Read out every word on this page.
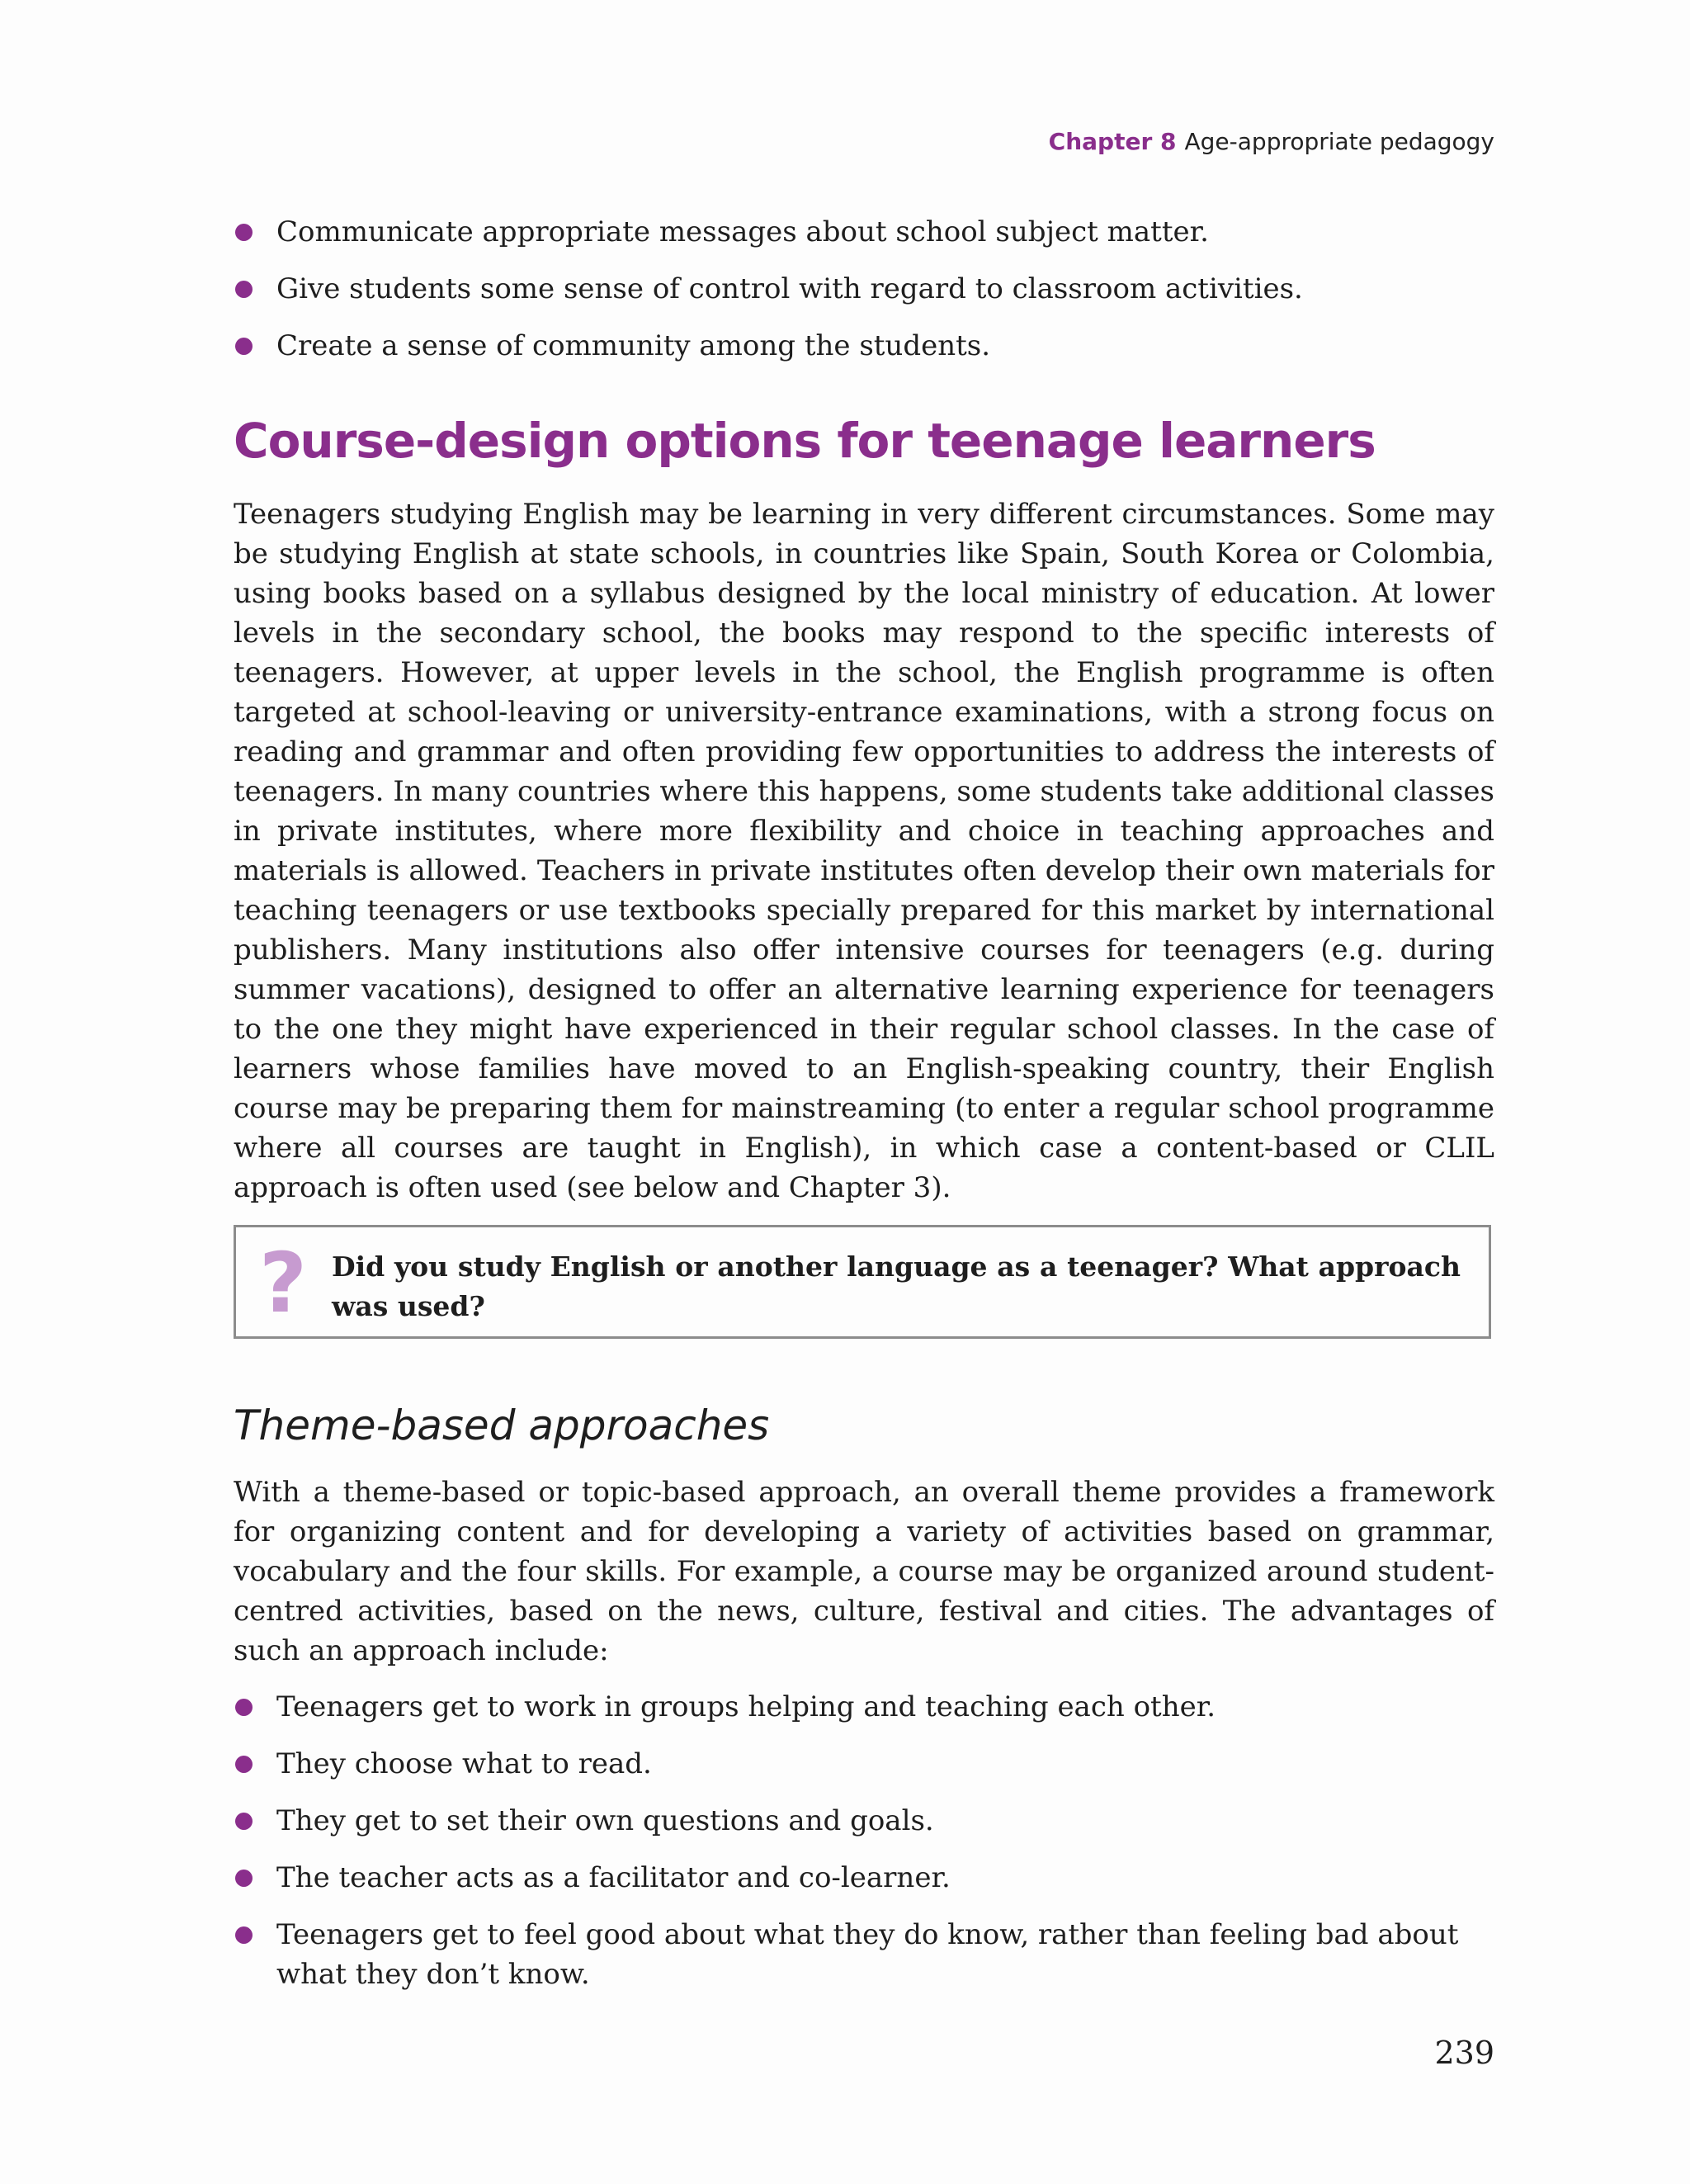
Chapter 8 Age-appropriate pedagogy
Communicate appropriate messages about school subject matter.
Give students some sense of control with regard to classroom activities.
Create a sense of community among the students.
Course-design options for teenage learners

Teenagers studying English may be learning in very different circumstances. Some may be studying English at state schools, in countries like Spain, South Korea or Colombia, using books based on a syllabus designed by the local ministry of education. At lower levels in the secondary school, the books may respond to the specific interests of teenagers. However, at upper levels in the school, the English programme is often targeted at school-leaving or university-entrance examinations, with a strong focus on reading and grammar and often providing few opportunities to address the interests of teenagers. In many countries where this happens, some students take additional classes in private institutes, where more flexibility and choice in teaching approaches and materials is allowed. Teachers in private institutes often develop their own materials for teaching teenagers or use textbooks specially prepared for this market by international publishers. Many institutions also offer intensive courses for teenagers (e.g. during summer vacations), designed to offer an alternative learning experience for teenagers to the one they might have experienced in their regular school classes. In the case of learners whose families have moved to an English-speaking country, their English course may be preparing them for mainstreaming (to enter a regular school programme where all courses are taught in English), in which case a content-based or CLIL approach is often used (see below and Chapter 3).

? Did you study English or another language as a teenager? What approach was used?
Theme-based approaches

With a theme-based or topic-based approach, an overall theme provides a framework for organizing content and for developing a variety of activities based on grammar, vocabulary and the four skills. For example, a course may be organized around student-centred activities, based on the news, culture, festival and cities. The advantages of such an approach include:

Teenagers get to work in groups helping and teaching each other.
They choose what to read.
They get to set their own questions and goals.
The teacher acts as a facilitator and co-learner.
Teenagers get to feel good about what they do know, rather than feeling bad about what they don’t know.
239
